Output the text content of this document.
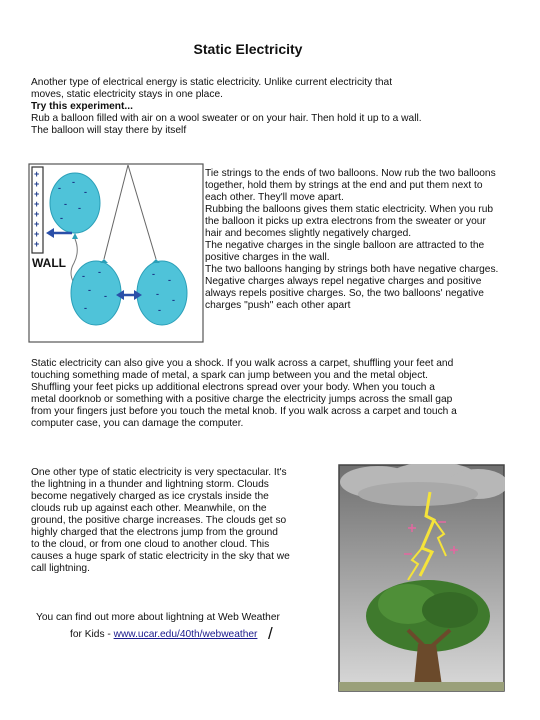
Static Electricity

Another type of electrical energy is static electricity. Unlike current electricity that

moves, static electricity stays in one place.

Try this experiment...

Rub a balloon filled with air on a wool sweater or on your hair. Then hold it up to a wall.

The balloon will stay there by itself

+
+
+
+
+
+
+
+
WALL
-
-
-
- -
-
- -
-
-
-
-
-
-
-
-

Tie strings to the ends of two balloons. Now rub the two balloons

together, hold them by strings at the end and put them next to

each other. They'll move apart.

Rubbing the balloons gives them static electricity. When you rub

the balloon it picks up extra electrons from the sweater or your

hair and becomes slightly negatively charged.

The negative charges in the single balloon are attracted to the

positive charges in the wall.

The two balloons hanging by strings both have negative charges.

Negative charges always repel negative charges and positive

always repels positive charges. So, the two balloons' negative

charges "push" each other apart

Static electricity can also give you a shock. If you walk across a carpet, shuffling your feet and

touching something made of metal, a spark can jump between you and the metal object.

Shuffling your feet picks up additional electrons spread over your body. When you touch a

metal doorknob or something with a positive charge the electricity jumps across the small gap

from your fingers just before you touch the metal knob. If you walk across a carpet and touch a

computer case, you can damage the computer.

One other type of static electricity is very spectacular. It's

the lightning in a thunder and lightning storm. Clouds

become negatively charged as ice crystals inside the

clouds rub up against each other. Meanwhile, on the

ground, the positive charge increases. The clouds get so

highly charged that the electrons jump from the ground

to the cloud, or from one cloud to another cloud. This

causes a huge spark of static electricity in the sky that we

call lightning.

You can find out more about lightning at Web Weather
for Kids - www.ucar.edu/40th/webweather /
